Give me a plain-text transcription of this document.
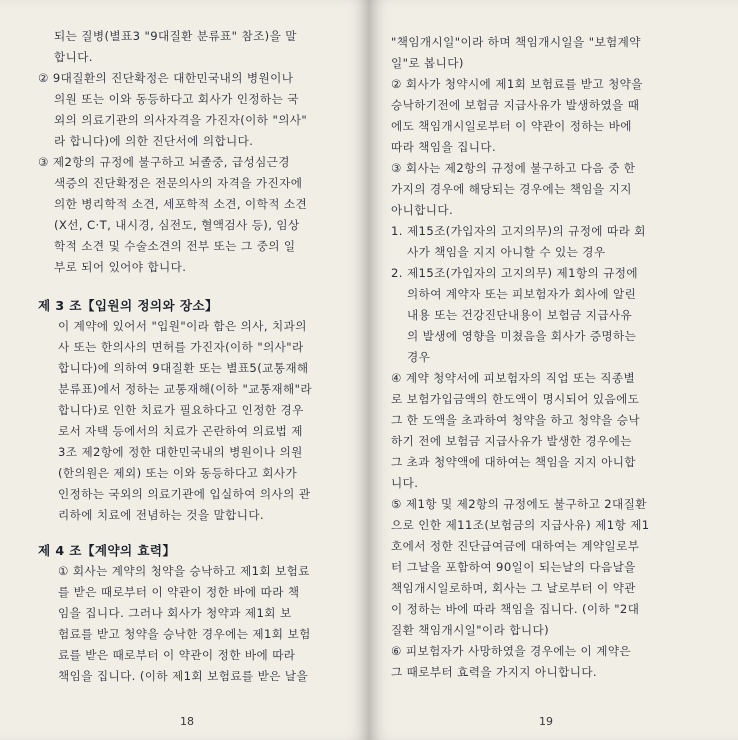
되는 질병(별표3 "9대질환 분류표" 참조)을 말
합니다.
② 9대질환의 진단확정은 대한민국내의 병원이나
의원 또는 이와 동등하다고 회사가 인정하는 국
외의 의료기관의 의사자격을 가진자(이하 "의사"
라 합니다)에 의한 진단서에 의합니다.
③ 제2항의 규정에 불구하고 뇌졸중, 급성심근경
색증의 진단확정은 전문의사의 자격을 가진자에
의한 병리학적 소견, 세포학적 소견, 이학적 소견
(X선, C·T, 내시경, 심전도, 혈액검사 등), 임상
학적 소견 및 수술소견의 전부 또는 그 중의 일
부로 되어 있어야 합니다.
제 3 조【입원의 정의와 장소】
이 계약에 있어서 "입원"이라 함은 의사, 치과의
사 또는 한의사의 면허를 가진자(이하 "의사"라
합니다)에 의하여 9대질환 또는 별표5(교통재해
분류표)에서 정하는 교통재해(이하 "교통재해"라
합니다)로 인한 치료가 필요하다고 인정한 경우
로서 자택 등에서의 치료가 곤란하여 의료법 제
3조 제2항에 정한 대한민국내의 병원이나 의원
(한의원은 제외) 또는 이와 동등하다고 회사가
인정하는 국외의 의료기관에 입실하여 의사의 관
리하에 치료에 전념하는 것을 말합니다.
제 4 조【계약의 효력】
① 회사는 계약의 청약을 승낙하고 제1회 보험료
를 받은 때로부터 이 약관이 정한 바에 따라 책
임을 집니다. 그러나 회사가 청약과 제1회 보
험료를 받고 청약을 승낙한 경우에는 제1회 보험
료를 받은 때로부터 이 약관이 정한 바에 따라
책임을 집니다. (이하 제1회 보험료를 받은 날을
18
"책임개시일"이라 하며 책임개시일을 "보험계약
일"로 봅니다)
② 회사가 청약시에 제1회 보험료를 받고 청약을
승낙하기전에 보험금 지급사유가 발생하였을 때
에도 책임개시일로부터 이 약관이 정하는 바에
따라 책임을 집니다.
③ 회사는 제2항의 규정에 불구하고 다음 중 한
가지의 경우에 해당되는 경우에는 책임을 지지
아니합니다.
1. 제15조(가입자의 고지의무)의 규정에 따라 회
사가 책임을 지지 아니할 수 있는 경우
2. 제15조(가입자의 고지의무) 제1항의 규정에
의하여 계약자 또는 피보험자가 회사에 알린
내용 또는 건강진단내용이 보험금 지급사유
의 발생에 영향을 미쳤음을 회사가 증명하는
경우
④ 계약 청약서에 피보험자의 직업 또는 직종별
로 보험가입금액의 한도액이 명시되어 있음에도
그 한 도액을 초과하여 청약을 하고 청약을 승낙
하기 전에 보험금 지급사유가 발생한 경우에는
그 초과 청약액에 대하여는 책임을 지지 아니합
니다.
⑤ 제1항 및 제2항의 규정에도 불구하고 2대질환
으로 인한 제11조(보험금의 지급사유) 제1항 제1
호에서 정한 진단급여금에 대하여는 계약일로부
터 그날을 포함하여 90일이 되는날의 다음날을
책임개시일로하며, 회사는 그 날로부터 이 약관
이 정하는 바에 따라 책임을 집니다. (이하 "2대
질환 책임개시일"이라 합니다)
⑥ 피보험자가 사망하였을 경우에는 이 계약은
그 때로부터 효력을 가지지 아니합니다.
19
